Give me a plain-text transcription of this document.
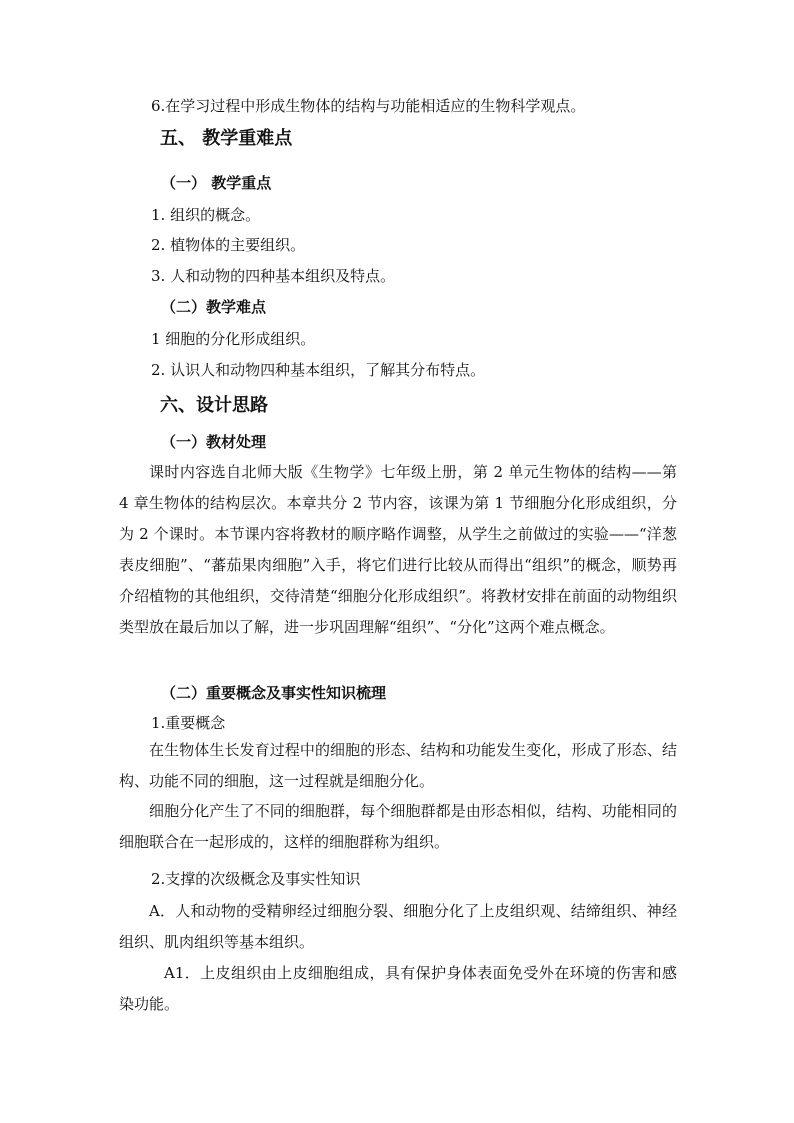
6.在学习过程中形成生物体的结构与功能相适应的生物科学观点。
五、 教学重难点
（一） 教学重点
1. 组织的概念。
2. 植物体的主要组织。
3. 人和动物的四种基本组织及特点。
（二）教学难点
1 细胞的分化形成组织。
2. 认识人和动物四种基本组织，了解其分布特点。
六、设计思路
（一）教材处理
课时内容选自北师大版《生物学》七年级上册，第 2 单元生物体的结构——第 4 章生物体的结构层次。本章共分 2 节内容，该课为第 1 节细胞分化形成组织，分为 2 个课时。本节课内容将教材的顺序略作调整，从学生之前做过的实验——“洋葱表皮细胞”、“蕃茄果肉细胞”入手，将它们进行比较从而得出“组织”的概念，顺势再介绍植物的其他组织，交待清楚“细胞分化形成组织”。将教材安排在前面的动物组织类型放在最后加以了解，进一步巩固理解“组织”、“分化”这两个难点概念。
（二）重要概念及事实性知识梳理
1.重要概念
在生物体生长发育过程中的细胞的形态、结构和功能发生变化，形成了形态、结构、功能不同的细胞，这一过程就是细胞分化。
细胞分化产生了不同的细胞群，每个细胞群都是由形态相似，结构、功能相同的细胞联合在一起形成的，这样的细胞群称为组织。
2.支撑的次级概念及事实性知识
A．人和动物的受精卵经过细胞分裂、细胞分化了上皮组织观、结缔组织、神经组织、肌肉组织等基本组织。
A1．上皮组织由上皮细胞组成，具有保护身体表面免受外在环境的伤害和感染功能。
